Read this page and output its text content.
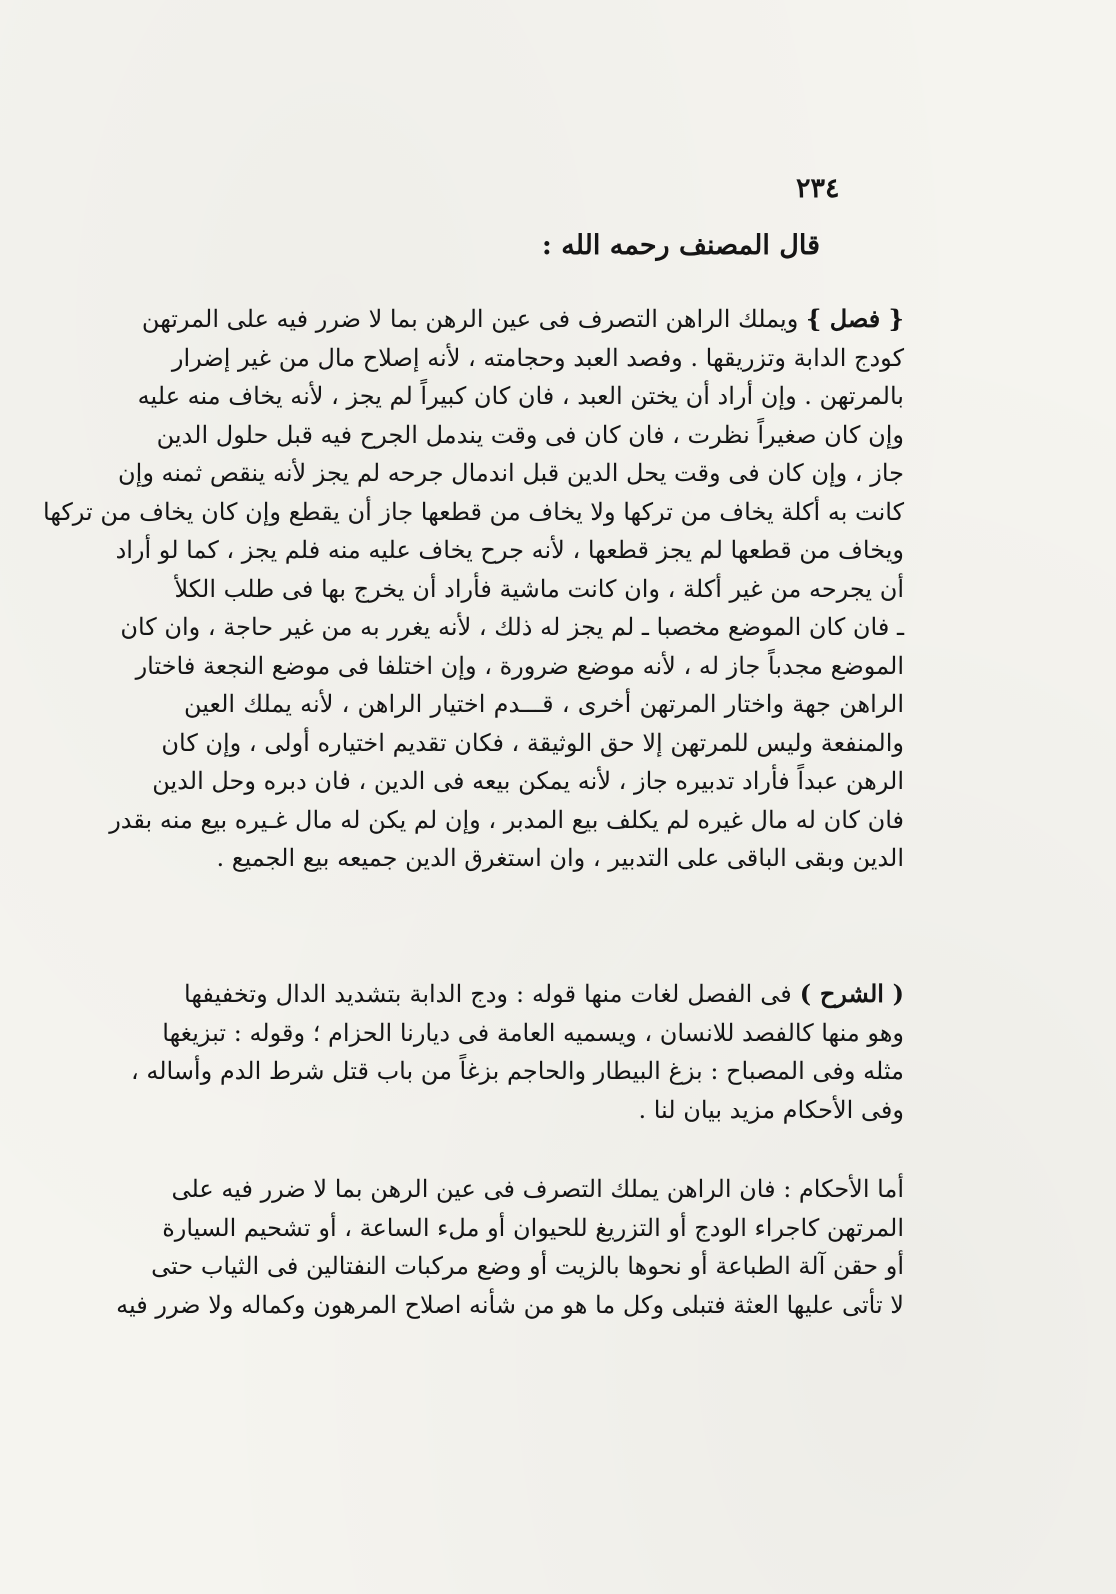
٢٣٤
قال المصنف رحمه الله :
{ فصل } ويملك الراهن التصرف فى عين الرهن بما لا ضرر فيه على المرتهن
كودج الدابة وتزريقها . وفصد العبد وحجامته ، لأنه إصلاح مال من غير إضرار
بالمرتهن . وإن أراد أن يختن العبد ، فان كان كبيراً لم يجز ، لأنه يخاف منه عليه
وإن كان صغيراً نظرت ، فان كان فى وقت يندمل الجرح فيه قبل حلول الدين
جاز ، وإن كان فى وقت يحل الدين قبل اندمال جرحه لم يجز لأنه ينقص ثمنه وإن
كانت به أكلة يخاف من تركها ولا يخاف من قطعها جاز أن يقطع وإن كان يخاف من تركها
ويخاف من قطعها لم يجز قطعها ، لأنه جرح يخاف عليه منه فلم يجز ، كما لو أراد
أن يجرحه من غير أكلة ، وان كانت ماشية فأراد أن يخرج بها فى طلب الكلأ
ـ فان كان الموضع مخصبا ـ لم يجز له ذلك ، لأنه يغرر به من غير حاجة ، وان كان
الموضع مجدباً جاز له ، لأنه موضع ضرورة ، وإن اختلفا فى موضع النجعة فاختار
الراهن جهة واختار المرتهن أخرى ، قـــدم اختيار الراهن ، لأنه يملك العين
والمنفعة وليس للمرتهن إلا حق الوثيقة ، فكان تقديم اختياره أولى ، وإن كان
الرهن عبداً فأراد تدبيره جاز ، لأنه يمكن بيعه فى الدين ، فان دبره وحل الدين
فان كان له مال غيره لم يكلف بيع المدبر ، وإن لم يكن له مال غـيره بيع منه بقدر
الدين وبقى الباقى على التدبير ، وان استغرق الدين جميعه بيع الجميع .
( الشرح ) فى الفصل لغات منها قوله : ودج الدابة بتشديد الدال وتخفيفها
وهو منها كالفصد للانسان ، ويسميه العامة فى ديارنا الحزام ؛ وقوله : تبزيغها
مثله وفى المصباح : بزغ البيطار والحاجم بزغاً من باب قتل شرط الدم وأساله ،
وفى الأحكام مزيد بيان لنا .
أما الأحكام : فان الراهن يملك التصرف فى عين الرهن بما لا ضرر فيه على
المرتهن كاجراء الودج أو التزريغ للحيوان أو ملء الساعة ، أو تشحيم السيارة
أو حقن آلة الطباعة أو نحوها بالزيت أو وضع مركبات النفتالين فى الثياب حتى
لا تأتى عليها العثة فتبلى وكل ما هو من شأنه اصلاح المرهون وكماله ولا ضرر فيه
